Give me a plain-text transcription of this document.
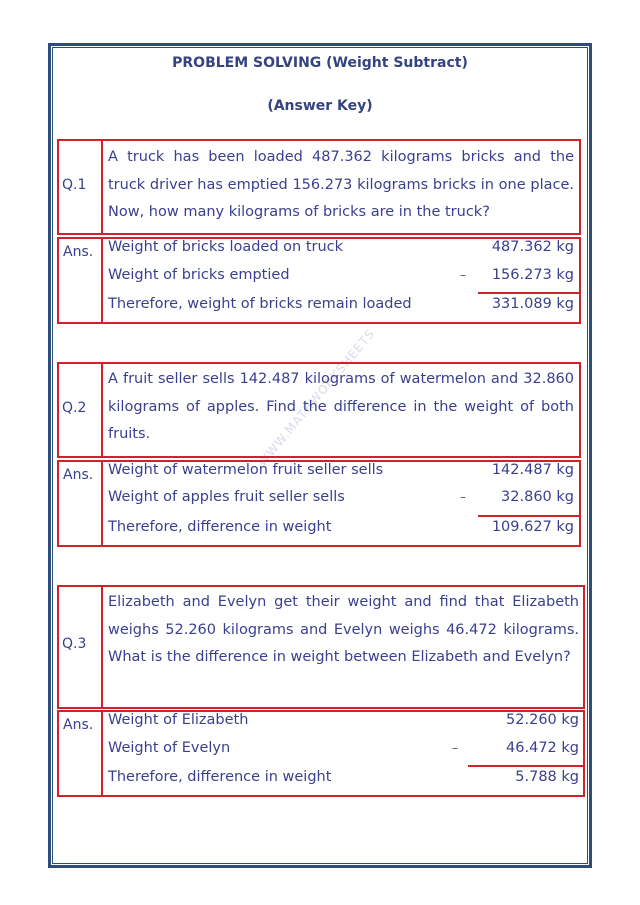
PROBLEM SOLVING (Weight Subtract)
(Answer Key)
WWW.MATHWORKSHEETS
Q.1
A truck has been loaded 487.362 kilograms bricks and the truck driver has emptied 156.273 kilograms bricks in one place. Now, how many kilograms of bricks are in the truck?
Ans. Weight of bricks loaded on truck	487.362 kg
Weight of bricks emptied	– 156.273 kg
Therefore, weight of bricks remain loaded	331.089 kg
Q.2
A fruit seller sells 142.487 kilograms of watermelon and 32.860 kilograms of apples. Find the difference in the weight of both fruits.
Ans. Weight of watermelon fruit seller sells	142.487 kg
Weight of apples fruit seller sells	– 32.860 kg
Therefore, difference in weight	109.627 kg
Q.3
Elizabeth and Evelyn get their weight and find that Elizabeth weighs 52.260 kilograms and Evelyn weighs 46.472 kilograms. What is the difference in weight between Elizabeth and Evelyn?
Ans. Weight of Elizabeth	52.260 kg
Weight of Evelyn	–	46.472 kg
Therefore, difference in weight	5.788 kg
